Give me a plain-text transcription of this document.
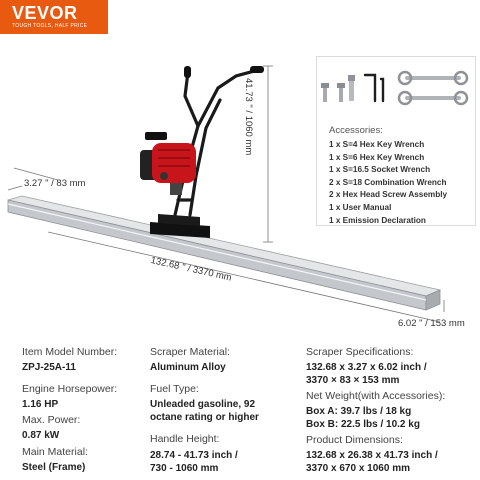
VEVOR
TOUGH TOOLS, HALF PRICE
3.27 " / 83 mm
132.68 " / 3370 mm
6.02 " / 153 mm
41.73 " / 1060 mm	Accessories:
1 x S=4 Hex Key Wrench
1 x S=6 Hex Key Wrench
1 x S=16.5 Socket Wrench
2 x S=18 Combination Wrench
2 x Hex Head Screw Assembly
1 x User Manual
1 x Emission Declaration
Item Model Number:
ZPJ-25A-11
Engine Horsepower:
1.16 HP
Max. Power:
0.87 kW
Main Material:
Steel (Frame)
Scraper Material:
Aluminum Alloy
Fuel Type:
Unleaded gasoline, 92
octane rating or higher
Handle Height:
28.74 - 41.73 inch /
730 - 1060 mm
Scraper Specifications:
132.68 x 3.27 x 6.02 inch /
3370 × 83 × 153 mm
Net Weight(with Accessories):
Box A: 39.7 lbs / 18 kg
Box B: 22.5 lbs / 10.2 kg
Product Dimensions:
132.68 x 26.38 x 41.73 inch /
3370 x 670 x 1060 mm
